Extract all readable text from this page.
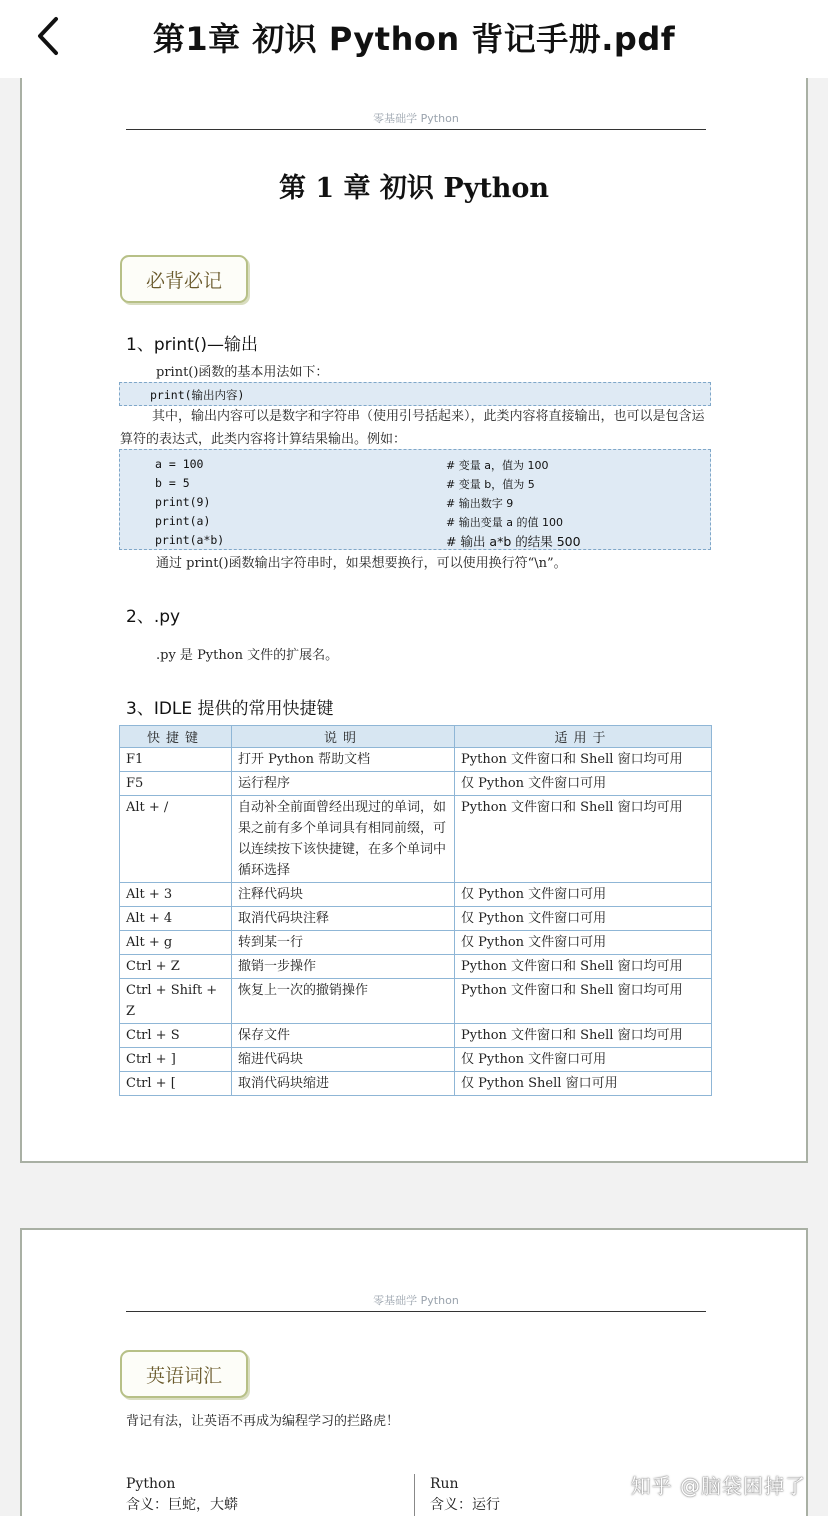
第1章 初识 Python 背记手册.pdf
零基础学 Python
第 1 章 初识 Python
必背必记
1、print()—输出
print()函数的基本用法如下：
print(输出内容)
其中，输出内容可以是数字和字符串（使用引号括起来），此类内容将直接输出，也可以是包含运算符的表达式，此类内容将计算结果输出。例如：
a = 100	# 变量 a，值为 100
b = 5	# 变量 b，值为 5
print(9)	# 输出数字 9
print(a)	# 输出变量 a 的值 100
print(a*b)	# 输出 a*b 的结果 500
通过 print()函数输出字符串时，如果想要换行，可以使用换行符“\n”。
2、.py
.py 是 Python 文件的扩展名。
3、IDLE 提供的常用快捷键
快捷键	说明	适用于
F1	打开 Python 帮助文档	Python 文件窗口和 Shell 窗口均可用
F5	运行程序	仅 Python 文件窗口可用
Alt + /	自动补全前面曾经出现过的单词，如果之前有多个单词具有相同前缀，可以连续按下该快捷键，在多个单词中循环选择	Python 文件窗口和 Shell 窗口均可用
Alt + 3	注释代码块	仅 Python 文件窗口可用
Alt + 4	取消代码块注释	仅 Python 文件窗口可用
Alt + g	转到某一行	仅 Python 文件窗口可用
Ctrl + Z	撤销一步操作	Python 文件窗口和 Shell 窗口均可用
Ctrl + Shift + Z	恢复上一次的撤销操作	Python 文件窗口和 Shell 窗口均可用
Ctrl + S	保存文件	Python 文件窗口和 Shell 窗口均可用
Ctrl + ]	缩进代码块	仅 Python 文件窗口可用
Ctrl + [	取消代码块缩进	仅 Python Shell 窗口可用
零基础学 Python
英语词汇
背记有法，让英语不再成为编程学习的拦路虎！
Python
含义：巨蛇，大蟒
Run
含义：运行
知乎 @脑袋困掉了
